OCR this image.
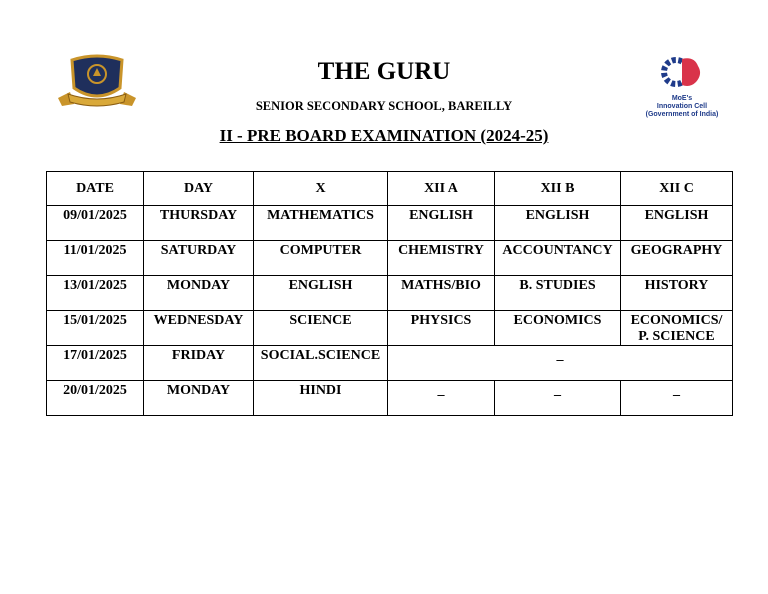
MoE's
Innovation Cell
(Government of India)
THE GURU
SENIOR SECONDARY SCHOOL, BAREILLY
II - PRE BOARD EXAMINATION (2024-25)
DATE	DAY	X	XII A	XII B	XII C
09/01/2025	THURSDAY	MATHEMATICS	ENGLISH	ENGLISH	ENGLISH
11/01/2025	SATURDAY	COMPUTER	CHEMISTRY	ACCOUNTANCY	GEOGRAPHY
13/01/2025	MONDAY	ENGLISH	MATHS/BIO	B. STUDIES	HISTORY
15/01/2025	WEDNESDAY	SCIENCE	PHYSICS	ECONOMICS	ECONOMICS/
P. SCIENCE

17/01/2025	FRIDAY	SOCIAL.SCIENCE	_		
20/01/2025	MONDAY	HINDI	_	_	_
